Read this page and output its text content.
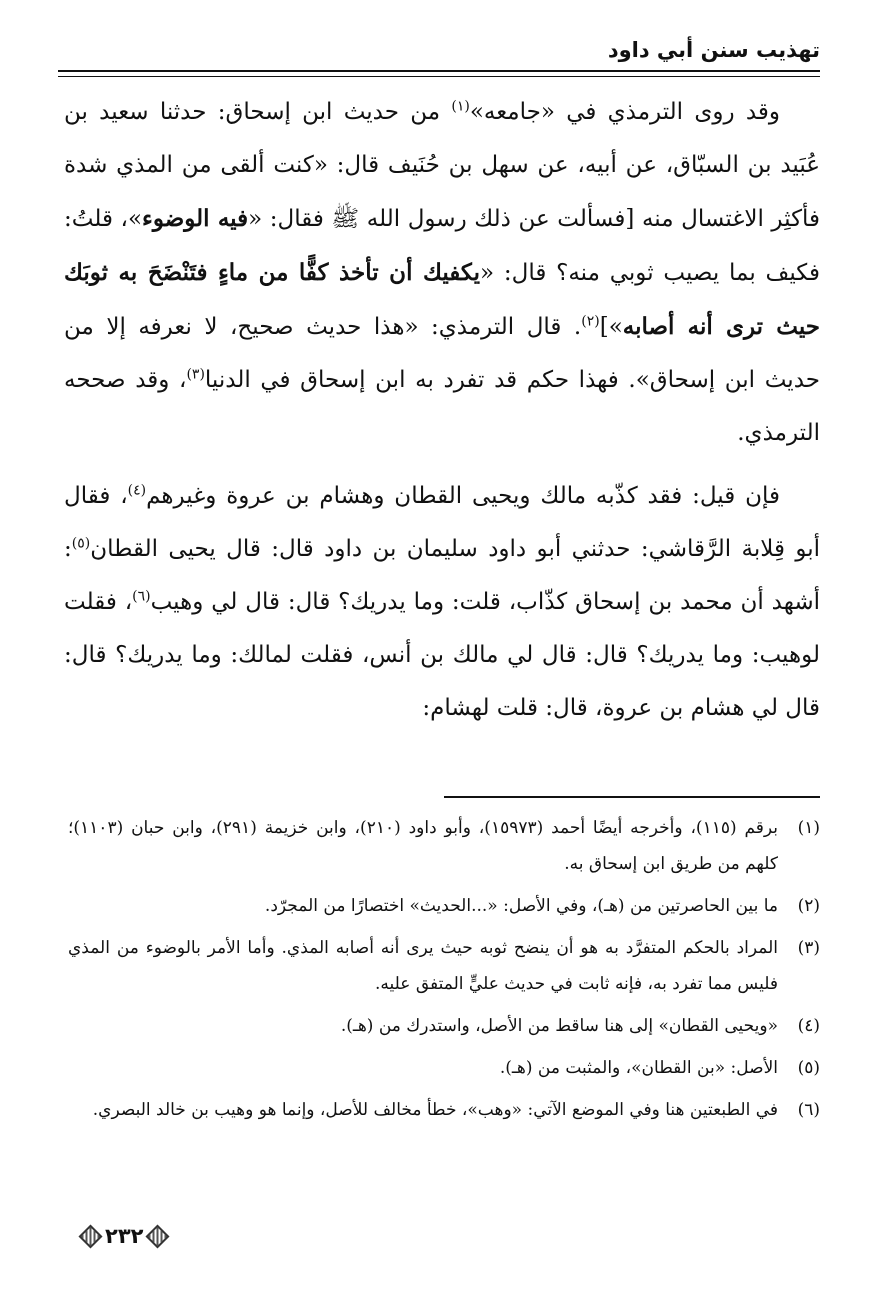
تهذيب سنن أبي داود

وقد روى الترمذي في «جامعه»$^{(١)}$ من حديث ابن إسحاق: حدثنا سعيد بن عُبَيد بن السبّاق، عن أبيه، عن سهل بن حُنَيف قال: «كنت ألقى من المذي شدة فأكثِر الاغتسال منه [فسألت عن ذلك رسول الله ﷺ فقال: «فيه الوضوء»، قلتُ: فكيف بما يصيب ثوبي منه؟ قال: «يكفيك أن تأخذ كفًّا من ماءٍ فتَنْضَحَ به ثوبَك حيث ترى أنه أصابه»]$^{(٢)}$. قال الترمذي: «هذا حديث صحيح، لا نعرفه إلا من حديث ابن إسحاق». فهذا حكم قد تفرد به ابن إسحاق في الدنيا$^{(٣)}$، وقد صححه الترمذي.

فإن قيل: فقد كذّبه مالك ويحيى القطان وهشام بن عروة وغيرهم$^{(٤)}$، فقال أبو قِلابة الرَّقاشي: حدثني أبو داود سليمان بن داود قال: قال يحيى القطان$^{(٥)}$: أشهد أن محمد بن إسحاق كذّاب، قلت: وما يدريك؟ قال: قال لي وهيب$^{(٦)}$، فقلت لوهيب: وما يدريك؟ قال: قال لي مالك بن أنس، فقلت لمالك: وما يدريك؟ قال: قال لي هشام بن عروة، قال: قلت لهشام:

(١)
برقم (١١٥)، وأخرجه أيضًا أحمد (١٥٩٧٣)، وأبو داود (٢١٠)، وابن خزيمة (٢٩١)، وابن حبان (١١٠٣)؛ كلهم من طريق ابن إسحاق به.

(٢)
ما بين الحاصرتين من (هـ)، وفي الأصل: «...الحديث» اختصارًا من المجرّد.

(٣)
المراد بالحكم المتفرَّد به هو أن ينضح ثوبه حيث يرى أنه أصابه المذي. وأما الأمر بالوضوء من المذي فليس مما تفرد به، فإنه ثابت في حديث عليٍّ المتفق عليه.

(٤)
«ويحيى القطان» إلى هنا ساقط من الأصل، واستدرك من (هـ).

(٥)
الأصل: «بن القطان»، والمثبت من (هـ).

(٦)
في الطبعتين هنا وفي الموضع الآتي: «وهب»، خطأ مخالف للأصل، وإنما هو وهيب بن خالد البصري.

٢٣٢
